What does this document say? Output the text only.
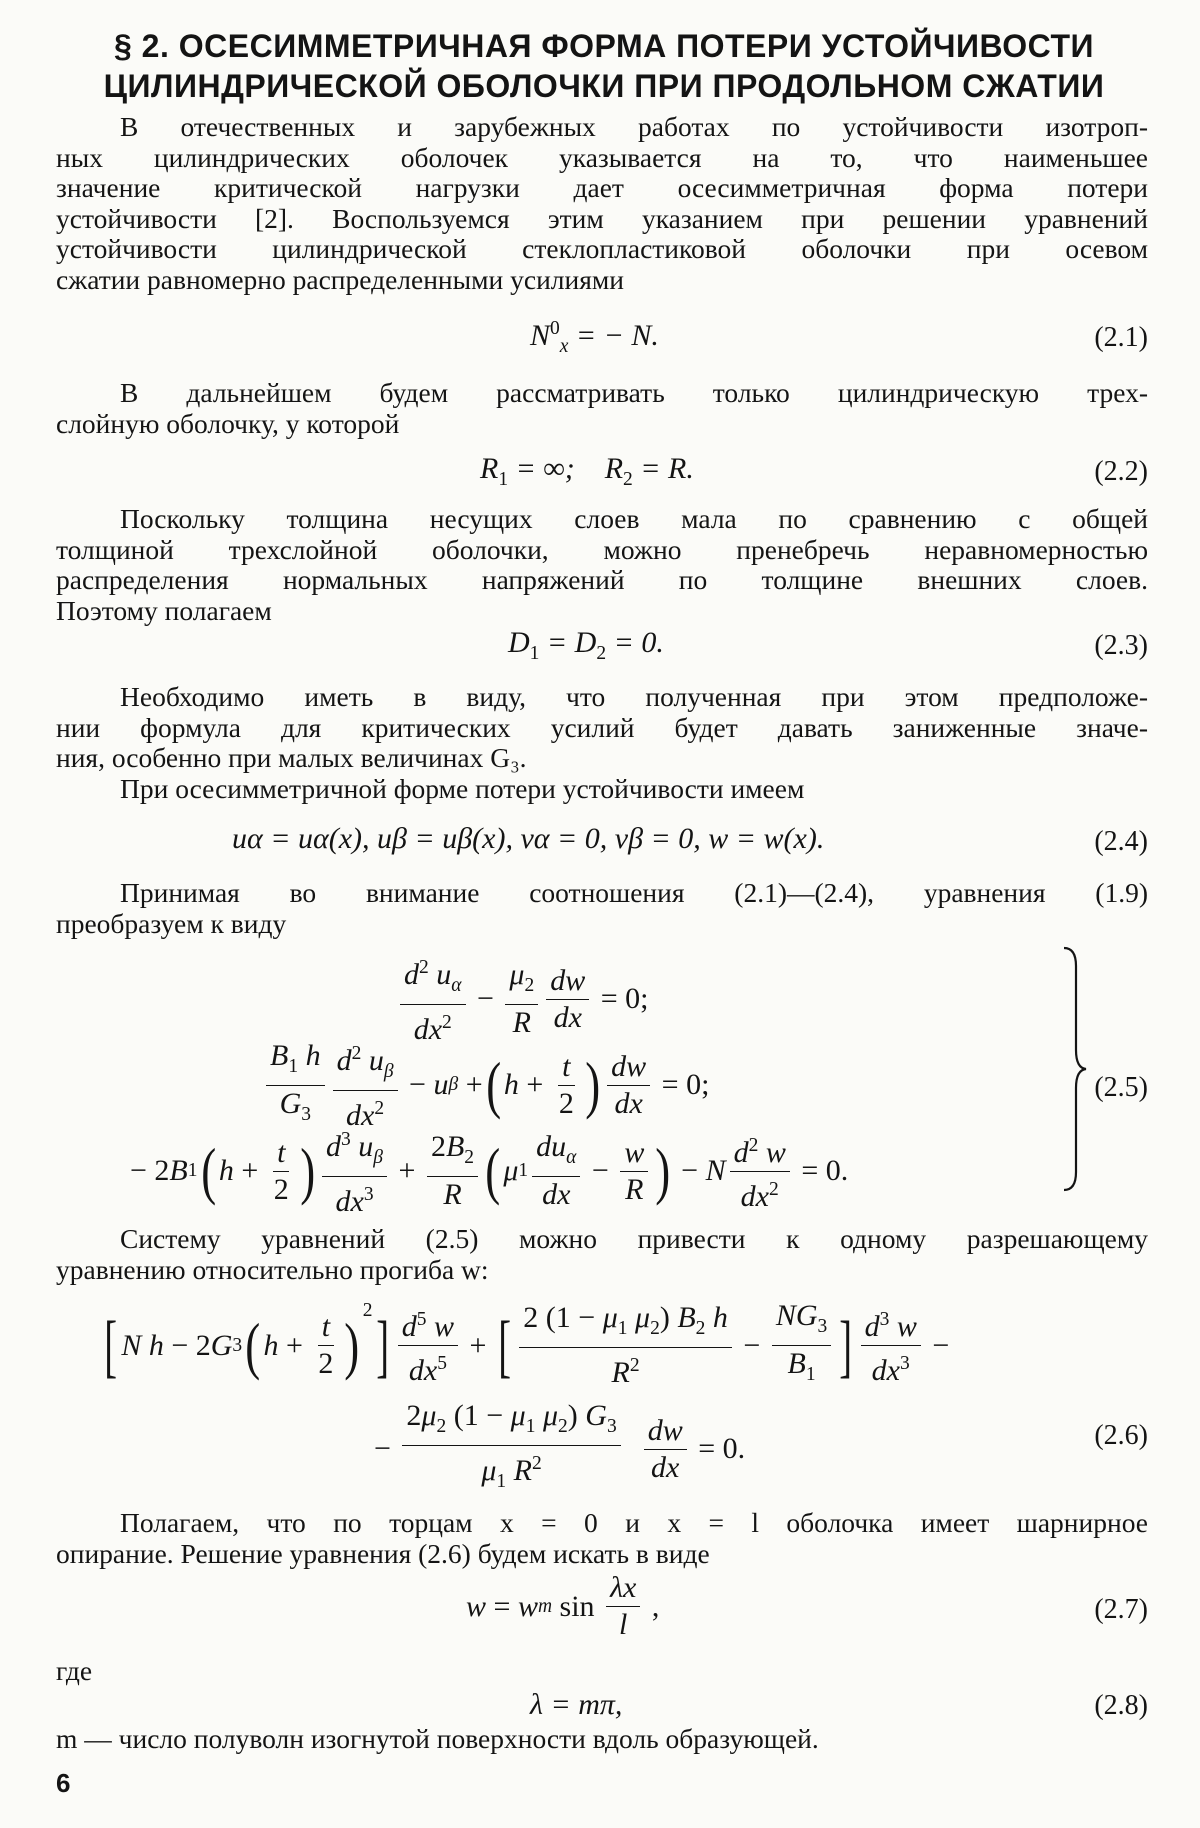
§ 2. ОСЕСИММЕТРИЧНАЯ ФОРМА ПОТЕРИ УСТОЙЧИВОСТИ
ЦИЛИНДРИЧЕСКОЙ ОБОЛОЧКИ ПРИ ПРОДОЛЬНОМ СЖАТИИ
В отечественных и зарубежных работах по устойчивости изотроп-
ных цилиндрических оболочек указывается на то, что наименьшее
значение критической нагрузки дает осесимметричная форма потери
устойчивости [2]. Воспользуемся этим указанием при решении уравнений
устойчивости цилиндрической стеклопластиковой оболочки при осевом
сжатии равномерно распределенными усилиями
$N^0_x$ = − N.	(2.1)
В дальнейшем будем рассматривать только цилиндрическую трех-
слойную оболочку, у которой
$R_1$ = ∞;    $R_2 = R$.	(2.2)
Поскольку толщина несущих слоев мала по сравнению с общей
толщиной трехслойной оболочки, можно пренебречь неравномерностью
распределения нормальных напряжений по толщине внешних слоев.
Поэтому полагаем
$D_1 = D_2 = 0$.	(2.3)
Необходимо иметь в виду, что полученная при этом предположе-
нии формула для критических усилий будет давать заниженные значе-
ния, особенно при малых величинах G₃.
При осесимметричной форме потери устойчивости имеем
uα = uα(x), uβ = uβ(x), vα = 0, vβ = 0, w = w(x).	(2.4)
Принимая во внимание соотношения (2.1)—(2.4), уравнения (1.9)
преобразуем к виду
$\frac{d^2 u_\alpha}{dx^2} - \frac{\mu_2}{R} \frac{dw}{dx} = 0$;
$\frac{B_1 h}{G_3} \frac{d^2 u_\beta}{dx^2} - u$ β + ( $h + \frac{t}{2}$ ) $\frac{dw}{dx} = 0$;
− 2 B 1 ( $h + \frac{t}{2}$ ) $\frac{d^3 u_\beta}{dx^3} + \frac{2B_2}{R}$ ( μ $1 \frac{du_\alpha}{dx} - \frac{w}{R}$ ) − N $\frac{d^2 w}{dx^2} = 0$.
(2.5)
Систему уравнений (2.5) можно привести к одному разрешающему
уравнению относительно прогиба w:
[ N h − 2 G 3 ( $h + \frac{t}{2} )^2$ ] $\frac{d^5 w}{dx^5}$ + [ $\frac{2 (1 - \mu_1 \mu_2) B_2 h}{R^2} - \frac{NG_3}{B_1}$ ] $\frac{d^3 w}{dx^3}$ −
− $\frac{2\mu_2 (1 - \mu_1 \mu_2) G_3}{\mu_1 R^2}$
$\frac{dw}{dx} = 0$.	(2.6)
Полагаем, что по торцам x = 0 и x = l оболочка имеет шарнирное
опирание. Решение уравнения (2.6) будем искать в виде
w = w m $\sin \frac{\lambda x}{l}$ ,	(2.7)
где
λ = mπ,	(2.8)
m — число полуволн изогнутой поверхности вдоль образующей.
6
